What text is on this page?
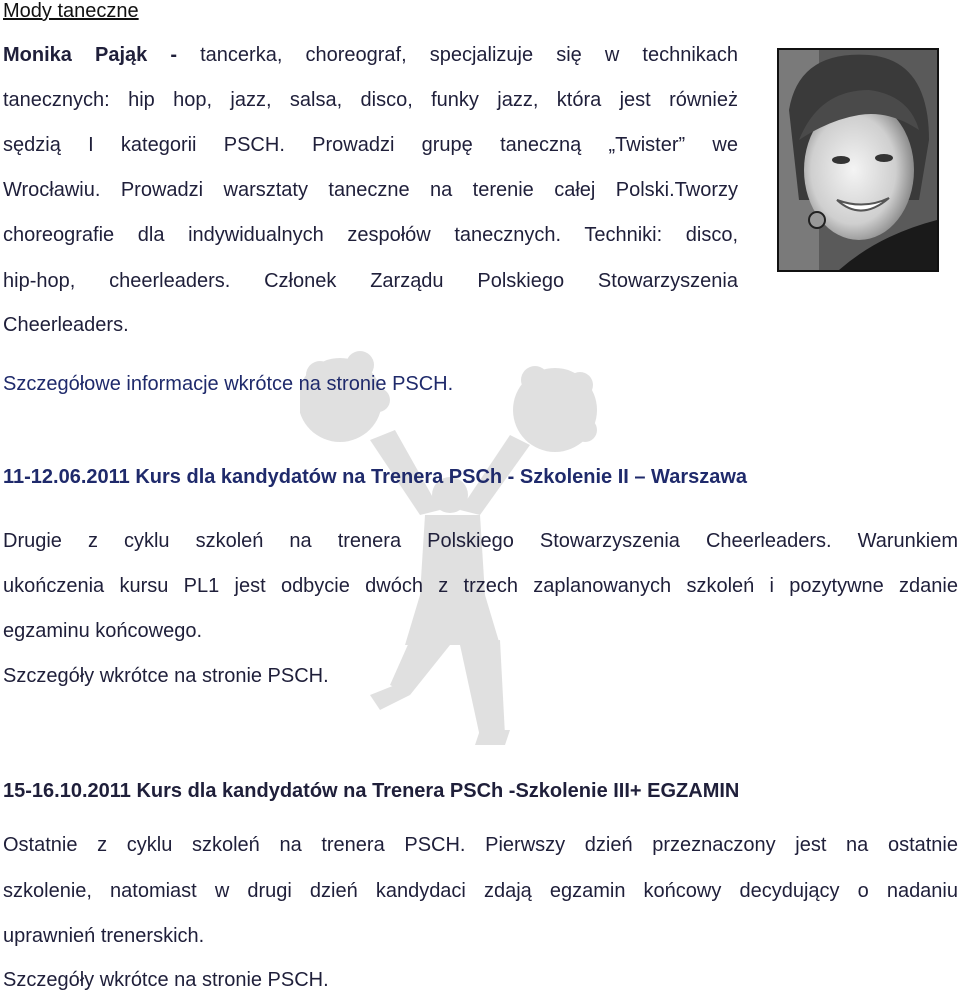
Mody taneczne

Monika Pająk - tancerka, choreograf, specjalizuje się w technikach

tanecznych: hip hop, jazz, salsa, disco, funky jazz, która jest również

sędzią I kategorii PSCH. Prowadzi grupę taneczną „Twister” we

Wrocławiu. Prowadzi warsztaty taneczne na terenie całej Polski.Tworzy

choreografie dla indywidualnych zespołów tanecznych. Techniki: disco,

hip-hop, cheerleaders. Członek Zarządu Polskiego Stowarzyszenia

Cheerleaders.

Szczegółowe informacje wkrótce na stronie PSCH.

11-12.06.2011 Kurs dla kandydatów na Trenera PSCh - Szkolenie II – Warszawa

Drugie z cyklu szkoleń na trenera Polskiego Stowarzyszenia Cheerleaders. Warunkiem

ukończenia kursu PL1 jest odbycie dwóch z trzech zaplanowanych szkoleń i pozytywne zdanie

egzaminu końcowego.

Szczegóły wkrótce na stronie PSCH.

15-16.10.2011 Kurs dla kandydatów na Trenera PSCh -Szkolenie III+ EGZAMIN

Ostatnie z cyklu szkoleń na trenera PSCH. Pierwszy dzień przeznaczony jest na ostatnie

szkolenie, natomiast w drugi dzień kandydaci zdają egzamin końcowy decydujący o nadaniu

uprawnień trenerskich.

Szczegóły wkrótce na stronie PSCH.
